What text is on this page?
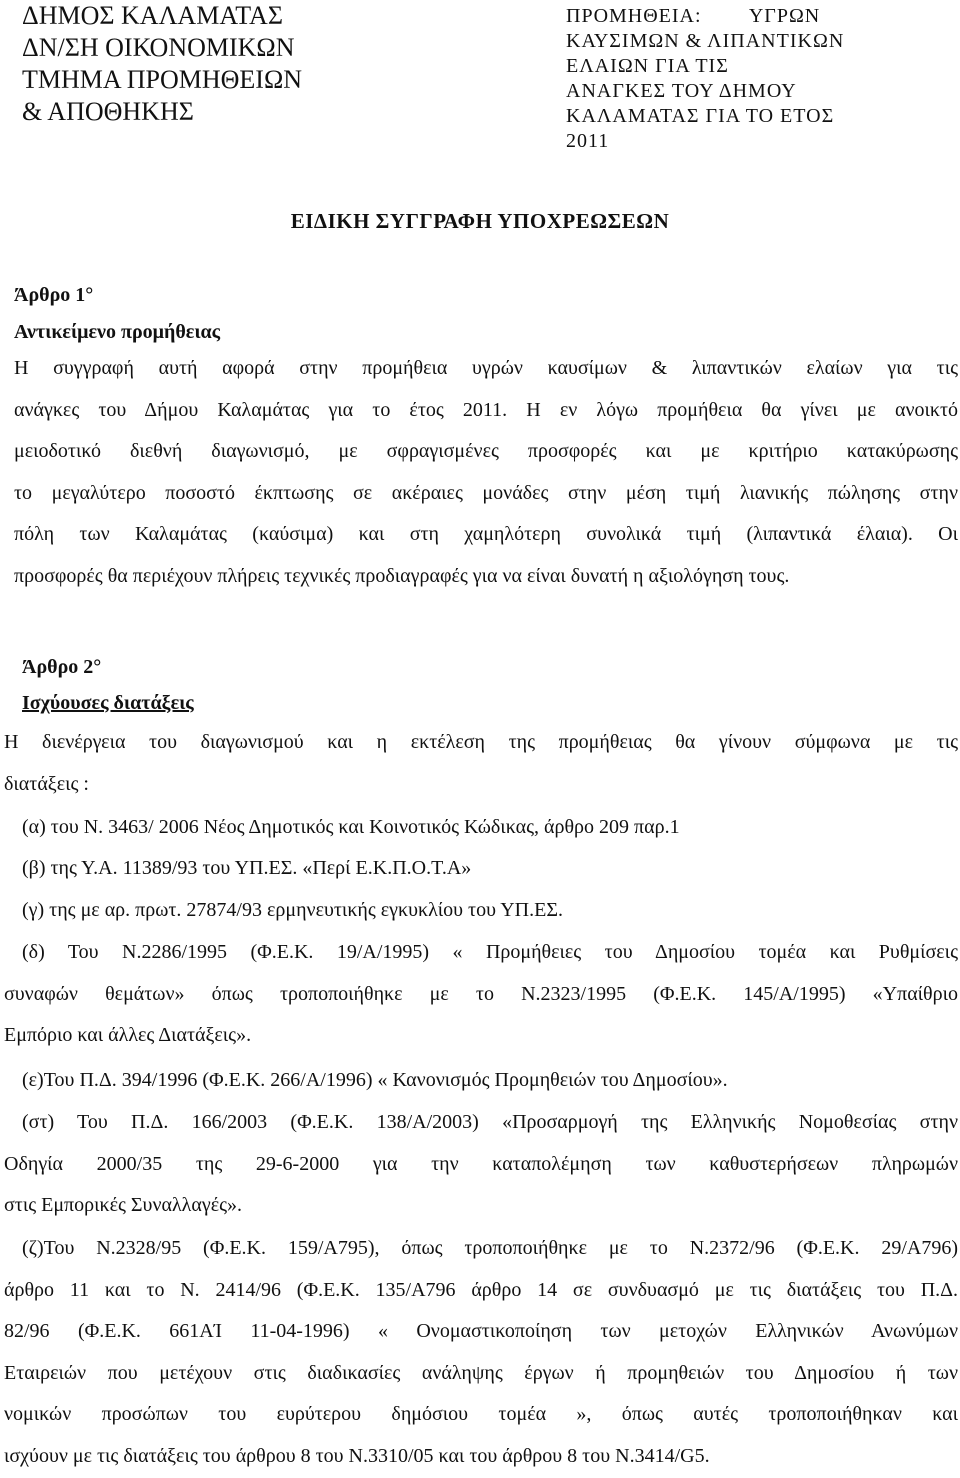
ΔΗΜΟΣ ΚΑΛΑΜΑΤΑΣ
ΔΝ/ΣΗ ΟΙΚΟΝΟΜΙΚΩΝ
ΤΜΗΜΑ ΠΡΟΜΗΘΕΙΩΝ
& ΑΠΟΘΗΚΗΣ
ΠΡΟΜΗΘΕΙΑ:        ΥΓΡΩΝ
ΚΑΥΣΙΜΩΝ & ΛΙΠΑΝΤΙΚΩΝ
ΕΛΑΙΩΝ ΓΙΑ ΤΙΣ
ΑΝΑΓΚΕΣ ΤΟΥ ΔΗΜΟΥ
ΚΑΛΑΜΑΤΑΣ ΓΙΑ ΤΟ ΕΤΟΣ
2011
ΕΙΔΙΚΗ ΣΥΓΓΡΑΦΗ ΥΠΟΧΡΕΩΣΕΩΝ
Άρθρο 1°
Αντικείμενο προμήθειας
Η συγγραφή αυτή αφορά στην προμήθεια υγρών καυσίμων & λιπαντικών ελαίων για τις
ανάγκες του Δήμου Καλαμάτας για το έτος 2011. Η εν λόγω προμήθεια θα γίνει με ανοικτό
μειοδοτικό διεθνή διαγωνισμό, με σφραγισμένες προσφορές και με κριτήριο κατακύρωσης
το μεγαλύτερο ποσοστό έκπτωσης σε ακέραιες μονάδες στην μέση τιμή λιανικής πώλησης στην
πόλη των Καλαμάτας (καύσιμα) και στη χαμηλότερη συνολικά τιμή (λιπαντικά έλαια). Οι
προσφορές θα περιέχουν πλήρεις τεχνικές προδιαγραφές για να είναι δυνατή η αξιολόγηση τους.
Άρθρο 2°
Ισχύουσες διατάξεις
Η διενέργεια του διαγωνισμού και η εκτέλεση της προμήθειας θα γίνουν σύμφωνα με τις
διατάξεις :
(α) του Ν. 3463/ 2006 Νέος Δημοτικός και Κοινοτικός Κώδικας, άρθρο 209 παρ.1
(β) της Υ.Α. 11389/93 του ΥΠ.ΕΣ. «Περί Ε.Κ.Π.Ο.Τ.Α»
(γ) της με αρ. πρωτ. 27874/93 ερμηνευτικής εγκυκλίου του ΥΠ.ΕΣ.
(δ) Του Ν.2286/1995 (Φ.Ε.Κ. 19/Α/1995) « Προμήθειες του Δημοσίου τομέα και Ρυθμίσεις
συναφών θεμάτων» όπως τροποποιήθηκε με το Ν.2323/1995 (Φ.Ε.Κ. 145/Α/1995) «Υπαίθριο
Εμπόριο και άλλες Διατάξεις».
(ε)Του Π.Δ. 394/1996 (Φ.Ε.Κ. 266/Α/1996) « Κανονισμός Προμηθειών του Δημοσίου».
(στ) Του Π.Δ. 166/2003 (Φ.Ε.Κ. 138/Α/2003) «Προσαρμογή της Ελληνικής Νομοθεσίας στην
Οδηγία 2000/35 της 29-6-2000 για την καταπολέμηση των καθυστερήσεων πληρωμών
στις Εμπορικές Συναλλαγές».
(ζ)Του Ν.2328/95 (Φ.Ε.Κ. 159/Α795), όπως τροποποιήθηκε με το Ν.2372/96 (Φ.Ε.Κ. 29/Α796)
άρθρο 11 και το Ν. 2414/96 (Φ.Ε.Κ. 135/Α796 άρθρο 14 σε συνδυασμό με τις διατάξεις του Π.Δ.
82/96 (Φ.Ε.Κ. 661ΑΊ 11-04-1996) « Ονομαστικοποίηση των μετοχών Ελληνικών Ανωνύμων
Εταιρειών που μετέχουν στις διαδικασίες ανάληψης έργων ή προμηθειών του Δημοσίου ή των
νομικών προσώπων του ευρύτερου δημόσιου τομέα », όπως αυτές τροποποιήθηκαν και
ισχύουν με τις διατάξεις του άρθρου 8 του Ν.3310/05 και του άρθρου 8 του Ν.3414/G5.
